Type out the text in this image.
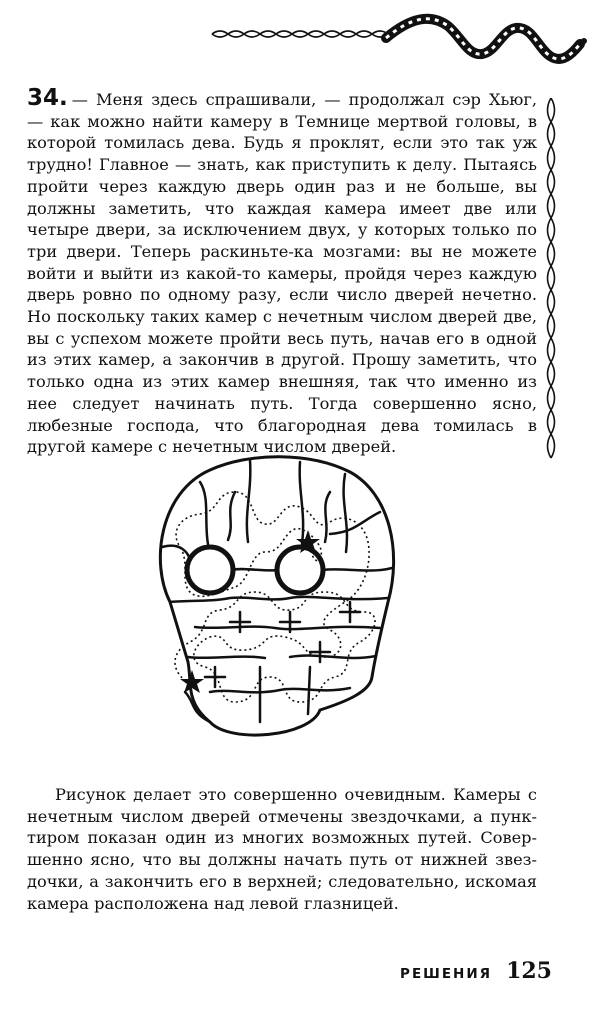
34. — Меня здесь спрашивали, — продолжал сэр Хьюг, — как можно найти камеру в Темнице мертвой головы, в которой томилась дева. Будь я проклят, если это так уж трудно! Главное — знать, как приступить к делу. Пытаясь пройти через каждую дверь один раз и не больше, вы должны заметить, что каждая камера имеет две или четыре двери, за исключением двух, у которых только по три двери. Теперь раскиньте-ка мозгами: вы не можете войти и выйти из какой-то камеры, пройдя через каждую дверь ровно по одному разу, если число дверей нечетно. Но поскольку таких камер с нечетным числом дверей две, вы с успехом можете пройти весь путь, начав его в одной из этих камер, а закончив в другой. Прошу заметить, что только одна из этих камер внешняя, так что именно из нее следует начинать путь. Тогда совершенно ясно, любезные господа, что благородная дева томилась в другой камере с нечетным числом дверей.
Рисунок делает это совершенно очевидным. Камеры с нечетным числом дверей отмечены звездочками, а пунктиром показан один из многих возможных путей. Совершенно ясно, что вы должны начать путь от нижней звездочки, а закончить его в верхней; следовательно, искомая камера расположена над левой глазницей.
РЕШЕНИЯ 125
